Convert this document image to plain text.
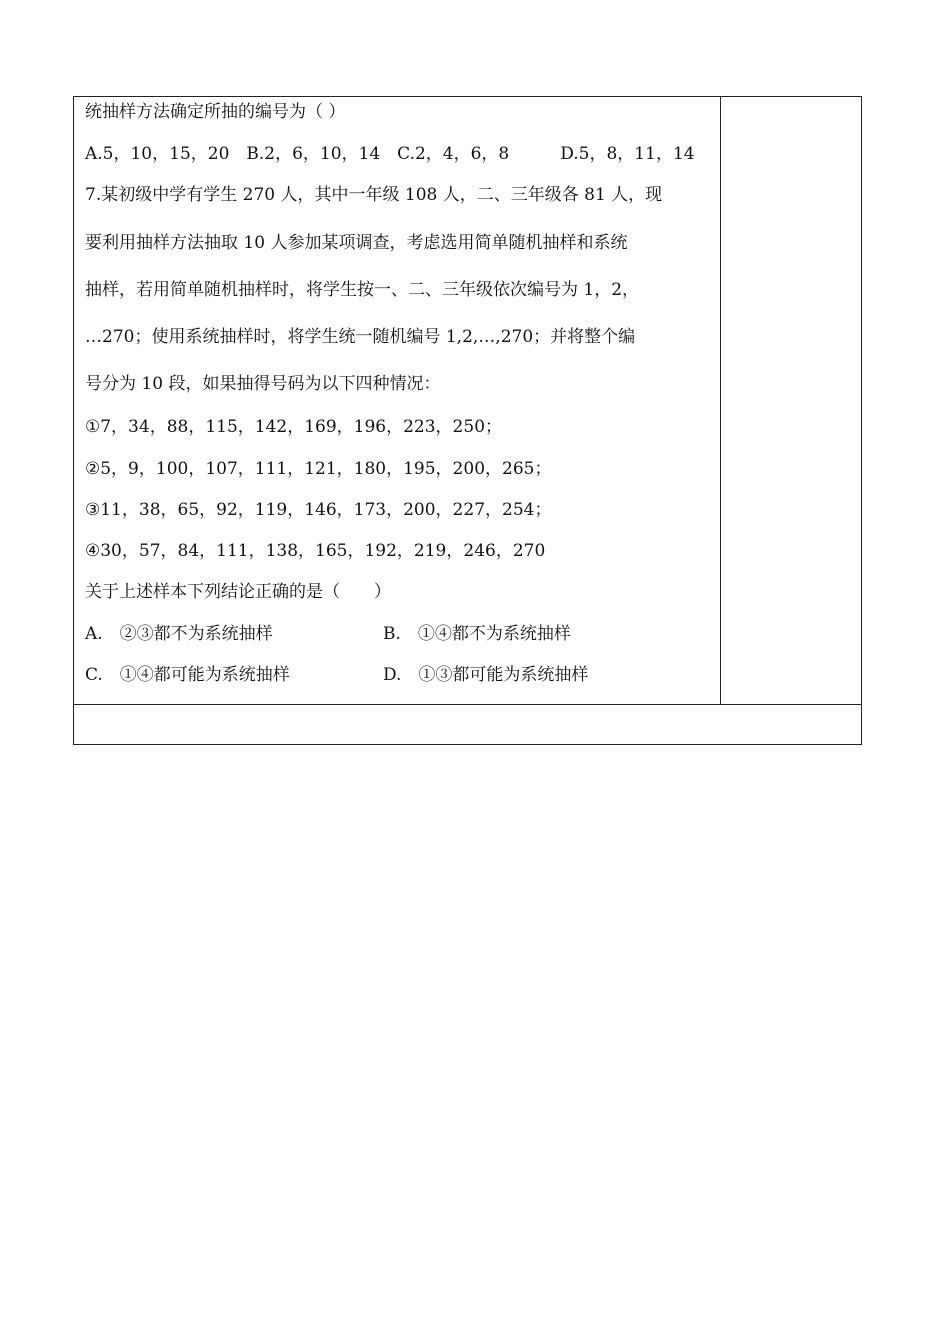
统抽样方法确定所抽的编号为（ ）
A.5，10，15，20　B.2，6，10，14　C.2，4，6，8　　　D.5，8，11，14
7.某初级中学有学生 270 人，其中一年级 108 人，二、三年级各 81 人，现
要利用抽样方法抽取 10 人参加某项调查，考虑选用简单随机抽样和系统
抽样，若用简单随机抽样时，将学生按一、二、三年级依次编号为 1，2，
…270；使用系统抽样时，将学生统一随机编号 1,2,…,270；并将整个编
号分为 10 段，如果抽得号码为以下四种情况：
①7，34，88，115，142，169，196，223，250；
②5，9，100，107，111，121，180，195，200，265；
③11，38，65，92，119，146，173，200，227，254；
④30，57，84，111，138，165，192，219，246，270
关于上述样本下列结论正确的是（　　）
A.　②③都不为系统抽样	B.　①④都不为系统抽样
C.　①④都可能为系统抽样	D.　①③都可能为系统抽样
